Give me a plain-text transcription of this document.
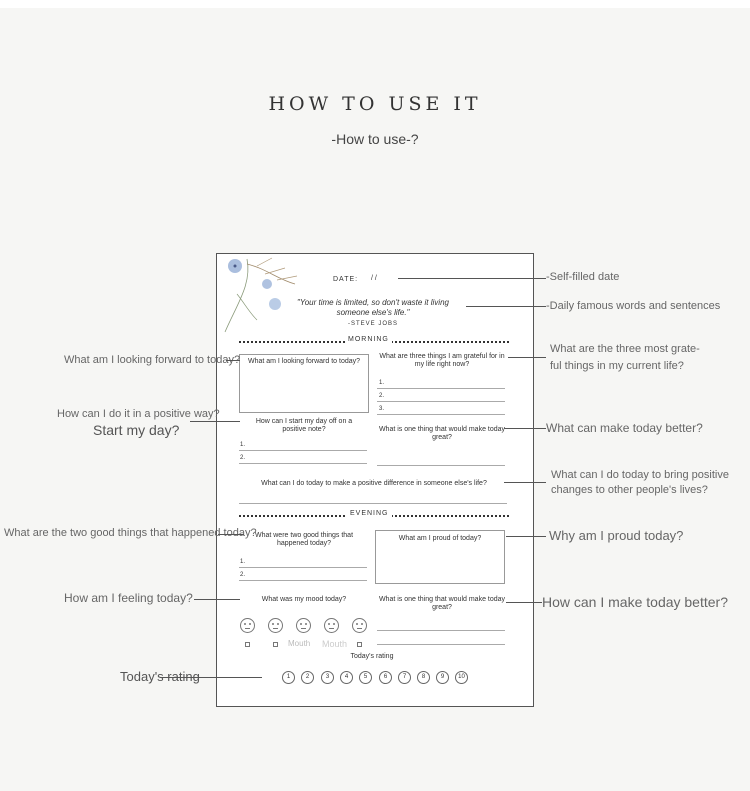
HOW TO USE IT
-How to use-?
DATE: / /
"Your time is limited, so don't waste it living someone else's life."
-STEVE JOBS
MORNING
What am I looking forward to today?
What are three things I am grateful for in my life right now?
1.
2.
3.
How can I start my day off on a positive note?
1.
2.
What is one thing that would make today great?
What can I do today to make a positive difference in someone else's life?
EVENING
What were two good things that happened today?
1.
2.
What am I proud of today?
What was my mood today?	What is one thing that would make today great?
Mouth Mouth
Today's rating
1	2	3	4	5	6	7	8	9	10
-Self-filled date
-Daily famous words and sentences
What are the three most grate-
ful things in my current life?
What can make today better?
What can I do today to bring positive
changes to other people's lives?
Why am I proud today?
How can I make today better?
What am I looking forward to today?
How can I do it in a positive way?
Start my day?
What are the two good things that happened today?
How am I feeling today?
Today's rating
